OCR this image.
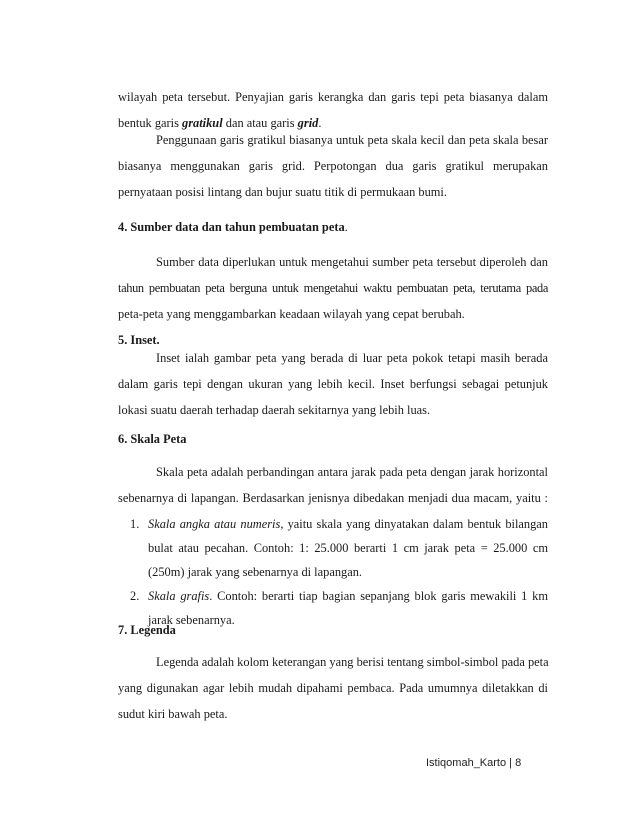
wilayah peta tersebut. Penyajian garis kerangka dan garis tepi peta biasanya dalam
bentuk garis gratikul dan atau garis grid.
Penggunaan garis gratikul biasanya untuk peta skala kecil dan peta skala besar
biasanya menggunakan garis grid. Perpotongan dua garis gratikul merupakan
pernyataan posisi lintang dan bujur suatu titik di permukaan bumi.
4. Sumber data dan tahun pembuatan peta.
Sumber data diperlukan untuk mengetahui sumber peta tersebut diperoleh dan
tahun pembuatan peta berguna untuk mengetahui waktu pembuatan peta, terutama pada
peta-peta yang menggambarkan keadaan wilayah yang cepat berubah.
5. Inset.
Inset ialah gambar peta yang berada di luar peta pokok tetapi masih berada
dalam garis tepi dengan ukuran yang lebih kecil. Inset berfungsi sebagai petunjuk
lokasi suatu daerah terhadap daerah sekitarnya yang lebih luas.
6. Skala Peta
Skala peta adalah perbandingan antara jarak pada peta dengan jarak horizontal
sebenarnya di lapangan. Berdasarkan jenisnya dibedakan menjadi dua macam, yaitu :
1. Skala angka atau numeris, yaitu skala yang dinyatakan dalam bentuk bilangan
bulat atau pecahan. Contoh: 1: 25.000 berarti 1 cm jarak peta = 25.000 cm
(250m) jarak yang sebenarnya di lapangan.
2. Skala grafis. Contoh: berarti tiap bagian sepanjang blok garis mewakili 1 km
jarak sebenarnya.
7. Legenda
Legenda adalah kolom keterangan yang berisi tentang simbol-simbol pada peta
yang digunakan agar lebih mudah dipahami pembaca. Pada umumnya diletakkan di
sudut kiri bawah peta.
Istiqomah_Karto | 8
